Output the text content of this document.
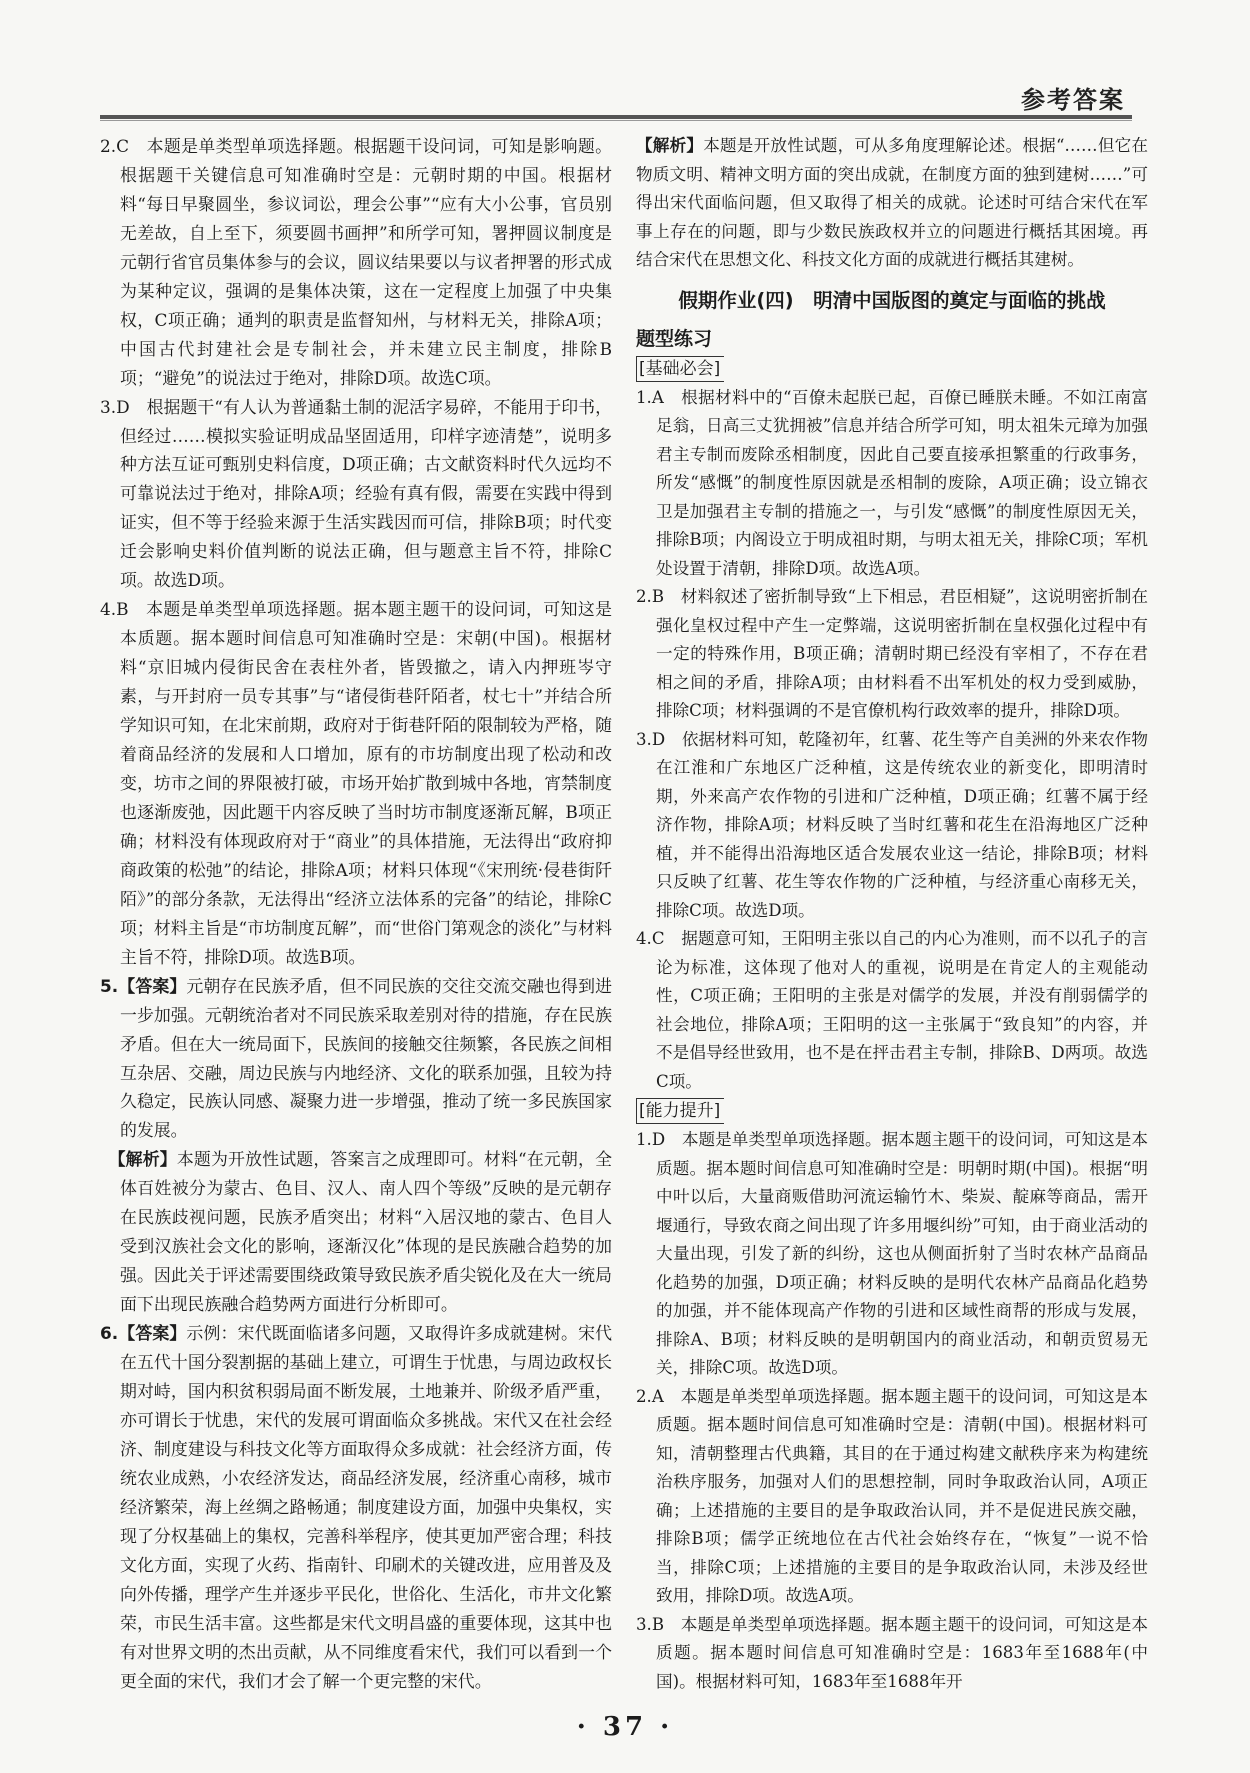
参考答案

2.C　本题是单类型单项选择题。根据题干设问词，可知是影响题。根据题干关键信息可知准确时空是：元朝时期的中国。根据材料“每日早聚圆坐，参议词讼，理会公事”“应有大小公事，官员别无差故，自上至下，须要圆书画押”和所学可知，署押圆议制度是元朝行省官员集体参与的会议，圆议结果要以与议者押署的形式成为某种定议，强调的是集体决策，这在一定程度上加强了中央集权，C项正确；通判的职责是监督知州，与材料无关，排除A项；中国古代封建社会是专制社会，并未建立民主制度，排除B项；“避免”的说法过于绝对，排除D项。故选C项。

3.D　根据题干“有人认为普通黏土制的泥活字易碎，不能用于印书，但经过……模拟实验证明成品坚固适用，印样字迹清楚”，说明多种方法互证可甄别史料信度，D项正确；古文献资料时代久远均不可靠说法过于绝对，排除A项；经验有真有假，需要在实践中得到证实，但不等于经验来源于生活实践因而可信，排除B项；时代变迁会影响史料价值判断的说法正确，但与题意主旨不符，排除C项。故选D项。

4.B　本题是单类型单项选择题。据本题主题干的设问词，可知这是本质题。据本题时间信息可知准确时空是：宋朝(中国)。根据材料“京旧城内侵街民舍在表柱外者，皆毁撤之，请入内押班岑守素，与开封府一员专其事”与“诸侵街巷阡陌者，杖七十”并结合所学知识可知，在北宋前期，政府对于街巷阡陌的限制较为严格，随着商品经济的发展和人口增加，原有的市坊制度出现了松动和改变，坊市之间的界限被打破，市场开始扩散到城中各地，宵禁制度也逐渐废弛，因此题干内容反映了当时坊市制度逐渐瓦解，B项正确；材料没有体现政府对于“商业”的具体措施，无法得出“政府抑商政策的松弛”的结论，排除A项；材料只体现“《宋刑统·侵巷街阡陌》”的部分条款，无法得出“经济立法体系的完备”的结论，排除C项；材料主旨是“市坊制度瓦解”，而“世俗门第观念的淡化”与材料主旨不符，排除D项。故选B项。

5.【答案】元朝存在民族矛盾，但不同民族的交往交流交融也得到进一步加强。元朝统治者对不同民族采取差别对待的措施，存在民族矛盾。但在大一统局面下，民族间的接触交往频繁，各民族之间相互杂居、交融，周边民族与内地经济、文化的联系加强，且较为持久稳定，民族认同感、凝聚力进一步增强，推动了统一多民族国家的发展。

　【解析】本题为开放性试题，答案言之成理即可。材料“在元朝，全体百姓被分为蒙古、色目、汉人、南人四个等级”反映的是元朝存在民族歧视问题，民族矛盾突出；材料“入居汉地的蒙古、色目人受到汉族社会文化的影响，逐渐汉化”体现的是民族融合趋势的加强。因此关于评述需要围绕政策导致民族矛盾尖锐化及在大一统局面下出现民族融合趋势两方面进行分析即可。

6.【答案】示例：宋代既面临诸多问题，又取得许多成就建树。宋代在五代十国分裂割据的基础上建立，可谓生于忧患，与周边政权长期对峙，国内积贫积弱局面不断发展，土地兼并、阶级矛盾严重，亦可谓长于忧患，宋代的发展可谓面临众多挑战。宋代又在社会经济、制度建设与科技文化等方面取得众多成就：社会经济方面，传统农业成熟，小农经济发达，商品经济发展，经济重心南移，城市经济繁荣，海上丝绸之路畅通；制度建设方面，加强中央集权，实现了分权基础上的集权，完善科举程序，使其更加严密合理；科技文化方面，实现了火药、指南针、印刷术的关键改进，应用普及及向外传播，理学产生并逐步平民化，世俗化、生活化，市井文化繁荣，市民生活丰富。这些都是宋代文明昌盛的重要体现，这其中也有对世界文明的杰出贡献，从不同维度看宋代，我们可以看到一个更全面的宋代，我们才会了解一个更完整的宋代。

【解析】本题是开放性试题，可从多角度理解论述。根据“……但它在物质文明、精神文明方面的突出成就，在制度方面的独到建树……”可得出宋代面临问题，但又取得了相关的成就。论述时可结合宋代在军事上存在的问题，即与少数民族政权并立的问题进行概括其困境。再结合宋代在思想文化、科技文化方面的成就进行概括其建树。

假期作业(四)　明清中国版图的奠定与面临的挑战
题型练习
[基础必会]

1.A　根据材料中的“百僚未起朕已起，百僚已睡朕未睡。不如江南富足翁，日高三丈犹拥被”信息并结合所学可知，明太祖朱元璋为加强君主专制而废除丞相制度，因此自己要直接承担繁重的行政事务，所发“感慨”的制度性原因就是丞相制的废除，A项正确；设立锦衣卫是加强君主专制的措施之一，与引发“感慨”的制度性原因无关，排除B项；内阁设立于明成祖时期，与明太祖无关，排除C项；军机处设置于清朝，排除D项。故选A项。

2.B　材料叙述了密折制导致“上下相忌，君臣相疑”，这说明密折制在强化皇权过程中产生一定弊端，这说明密折制在皇权强化过程中有一定的特殊作用，B项正确；清朝时期已经没有宰相了，不存在君相之间的矛盾，排除A项；由材料看不出军机处的权力受到威胁，排除C项；材料强调的不是官僚机构行政效率的提升，排除D项。

3.D　依据材料可知，乾隆初年，红薯、花生等产自美洲的外来农作物在江淮和广东地区广泛种植，这是传统农业的新变化，即明清时期，外来高产农作物的引进和广泛种植，D项正确；红薯不属于经济作物，排除A项；材料反映了当时红薯和花生在沿海地区广泛种植，并不能得出沿海地区适合发展农业这一结论，排除B项；材料只反映了红薯、花生等农作物的广泛种植，与经济重心南移无关，排除C项。故选D项。

4.C　据题意可知，王阳明主张以自己的内心为准则，而不以孔子的言论为标准，这体现了他对人的重视，说明是在肯定人的主观能动性，C项正确；王阳明的主张是对儒学的发展，并没有削弱儒学的社会地位，排除A项；王阳明的这一主张属于“致良知”的内容，并不是倡导经世致用，也不是在抨击君主专制，排除B、D两项。故选C项。

[能力提升]

1.D　本题是单类型单项选择题。据本题主题干的设问词，可知这是本质题。据本题时间信息可知准确时空是：明朝时期(中国)。根据“明中叶以后，大量商贩借助河流运输竹木、柴炭、靛麻等商品，需开堰通行，导致农商之间出现了许多用堰纠纷”可知，由于商业活动的大量出现，引发了新的纠纷，这也从侧面折射了当时农林产品商品化趋势的加强，D项正确；材料反映的是明代农林产品商品化趋势的加强，并不能体现高产作物的引进和区域性商帮的形成与发展，排除A、B项；材料反映的是明朝国内的商业活动，和朝贡贸易无关，排除C项。故选D项。

2.A　本题是单类型单项选择题。据本题主题干的设问词，可知这是本质题。据本题时间信息可知准确时空是：清朝(中国)。根据材料可知，清朝整理古代典籍，其目的在于通过构建文献秩序来为构建统治秩序服务，加强对人们的思想控制，同时争取政治认同，A项正确；上述措施的主要目的是争取政治认同，并不是促进民族交融，排除B项；儒学正统地位在古代社会始终存在，“恢复”一说不恰当，排除C项；上述措施的主要目的是争取政治认同，未涉及经世致用，排除D项。故选A项。

3.B　本题是单类型单项选择题。据本题主题干的设问词，可知这是本质题。据本题时间信息可知准确时空是：1683年至1688年(中国)。根据材料可知，1683年至1688年开

· 37 ·
